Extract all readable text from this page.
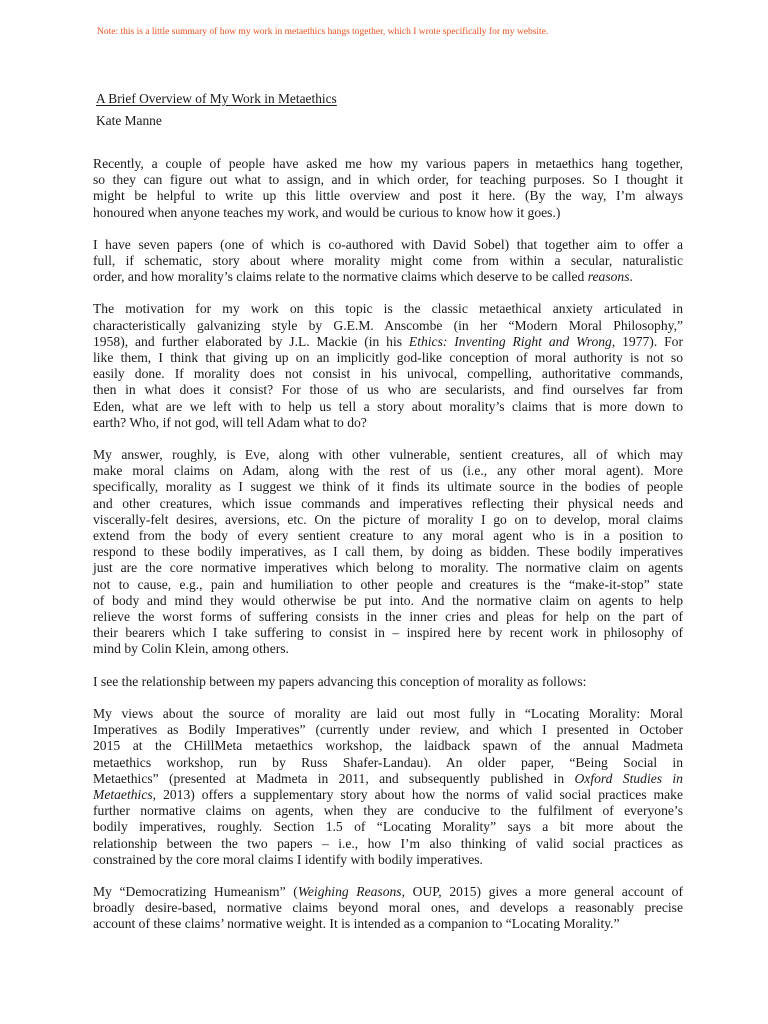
Note: this is a little summary of how my work in metaethics hangs together, which I wrote specifically for my website.
A Brief Overview of My Work in Metaethics
Kate Manne

Recently, a couple of people have asked me how my various papers in metaethics hang together,
so they can figure out what to assign, and in which order, for teaching purposes. So I thought it
might be helpful to write up this little overview and post it here. (By the way, I’m always
honoured when anyone teaches my work, and would be curious to know how it goes.)

I have seven papers (one of which is co-authored with David Sobel) that together aim to offer a
full, if schematic, story about where morality might come from within a secular, naturalistic
order, and how morality’s claims relate to the normative claims which deserve to be called reasons.

The motivation for my work on this topic is the classic metaethical anxiety articulated in
characteristically galvanizing style by G.E.M. Anscombe (in her “Modern Moral Philosophy,”
1958), and further elaborated by J.L. Mackie (in his Ethics: Inventing Right and Wrong, 1977). For
like them, I think that giving up on an implicitly god-like conception of moral authority is not so
easily done. If morality does not consist in his univocal, compelling, authoritative commands,
then in what does it consist? For those of us who are secularists, and find ourselves far from
Eden, what are we left with to help us tell a story about morality’s claims that is more down to
earth? Who, if not god, will tell Adam what to do?

My answer, roughly, is Eve, along with other vulnerable, sentient creatures, all of which may
make moral claims on Adam, along with the rest of us (i.e., any other moral agent). More
specifically, morality as I suggest we think of it finds its ultimate source in the bodies of people
and other creatures, which issue commands and imperatives reflecting their physical needs and
viscerally-felt desires, aversions, etc. On the picture of morality I go on to develop, moral claims
extend from the body of every sentient creature to any moral agent who is in a position to
respond to these bodily imperatives, as I call them, by doing as bidden. These bodily imperatives
just are the core normative imperatives which belong to morality. The normative claim on agents
not to cause, e.g., pain and humiliation to other people and creatures is the “make-it-stop” state
of body and mind they would otherwise be put into. And the normative claim on agents to help
relieve the worst forms of suffering consists in the inner cries and pleas for help on the part of
their bearers which I take suffering to consist in – inspired here by recent work in philosophy of
mind by Colin Klein, among others.

I see the relationship between my papers advancing this conception of morality as follows:

My views about the source of morality are laid out most fully in “Locating Morality: Moral
Imperatives as Bodily Imperatives” (currently under review, and which I presented in October
2015 at the CHillMeta metaethics workshop, the laidback spawn of the annual Madmeta
metaethics workshop, run by Russ Shafer-Landau). An older paper, “Being Social in
Metaethics” (presented at Madmeta in 2011, and subsequently published in Oxford Studies in
Metaethics, 2013) offers a supplementary story about how the norms of valid social practices make
further normative claims on agents, when they are conducive to the fulfilment of everyone’s
bodily imperatives, roughly. Section 1.5 of “Locating Morality” says a bit more about the
relationship between the two papers – i.e., how I’m also thinking of valid social practices as
constrained by the core moral claims I identify with bodily imperatives.

My “Democratizing Humeanism” (Weighing Reasons, OUP, 2015) gives a more general account of
broadly desire-based, normative claims beyond moral ones, and develops a reasonably precise
account of these claims’ normative weight. It is intended as a companion to “Locating Morality.”
